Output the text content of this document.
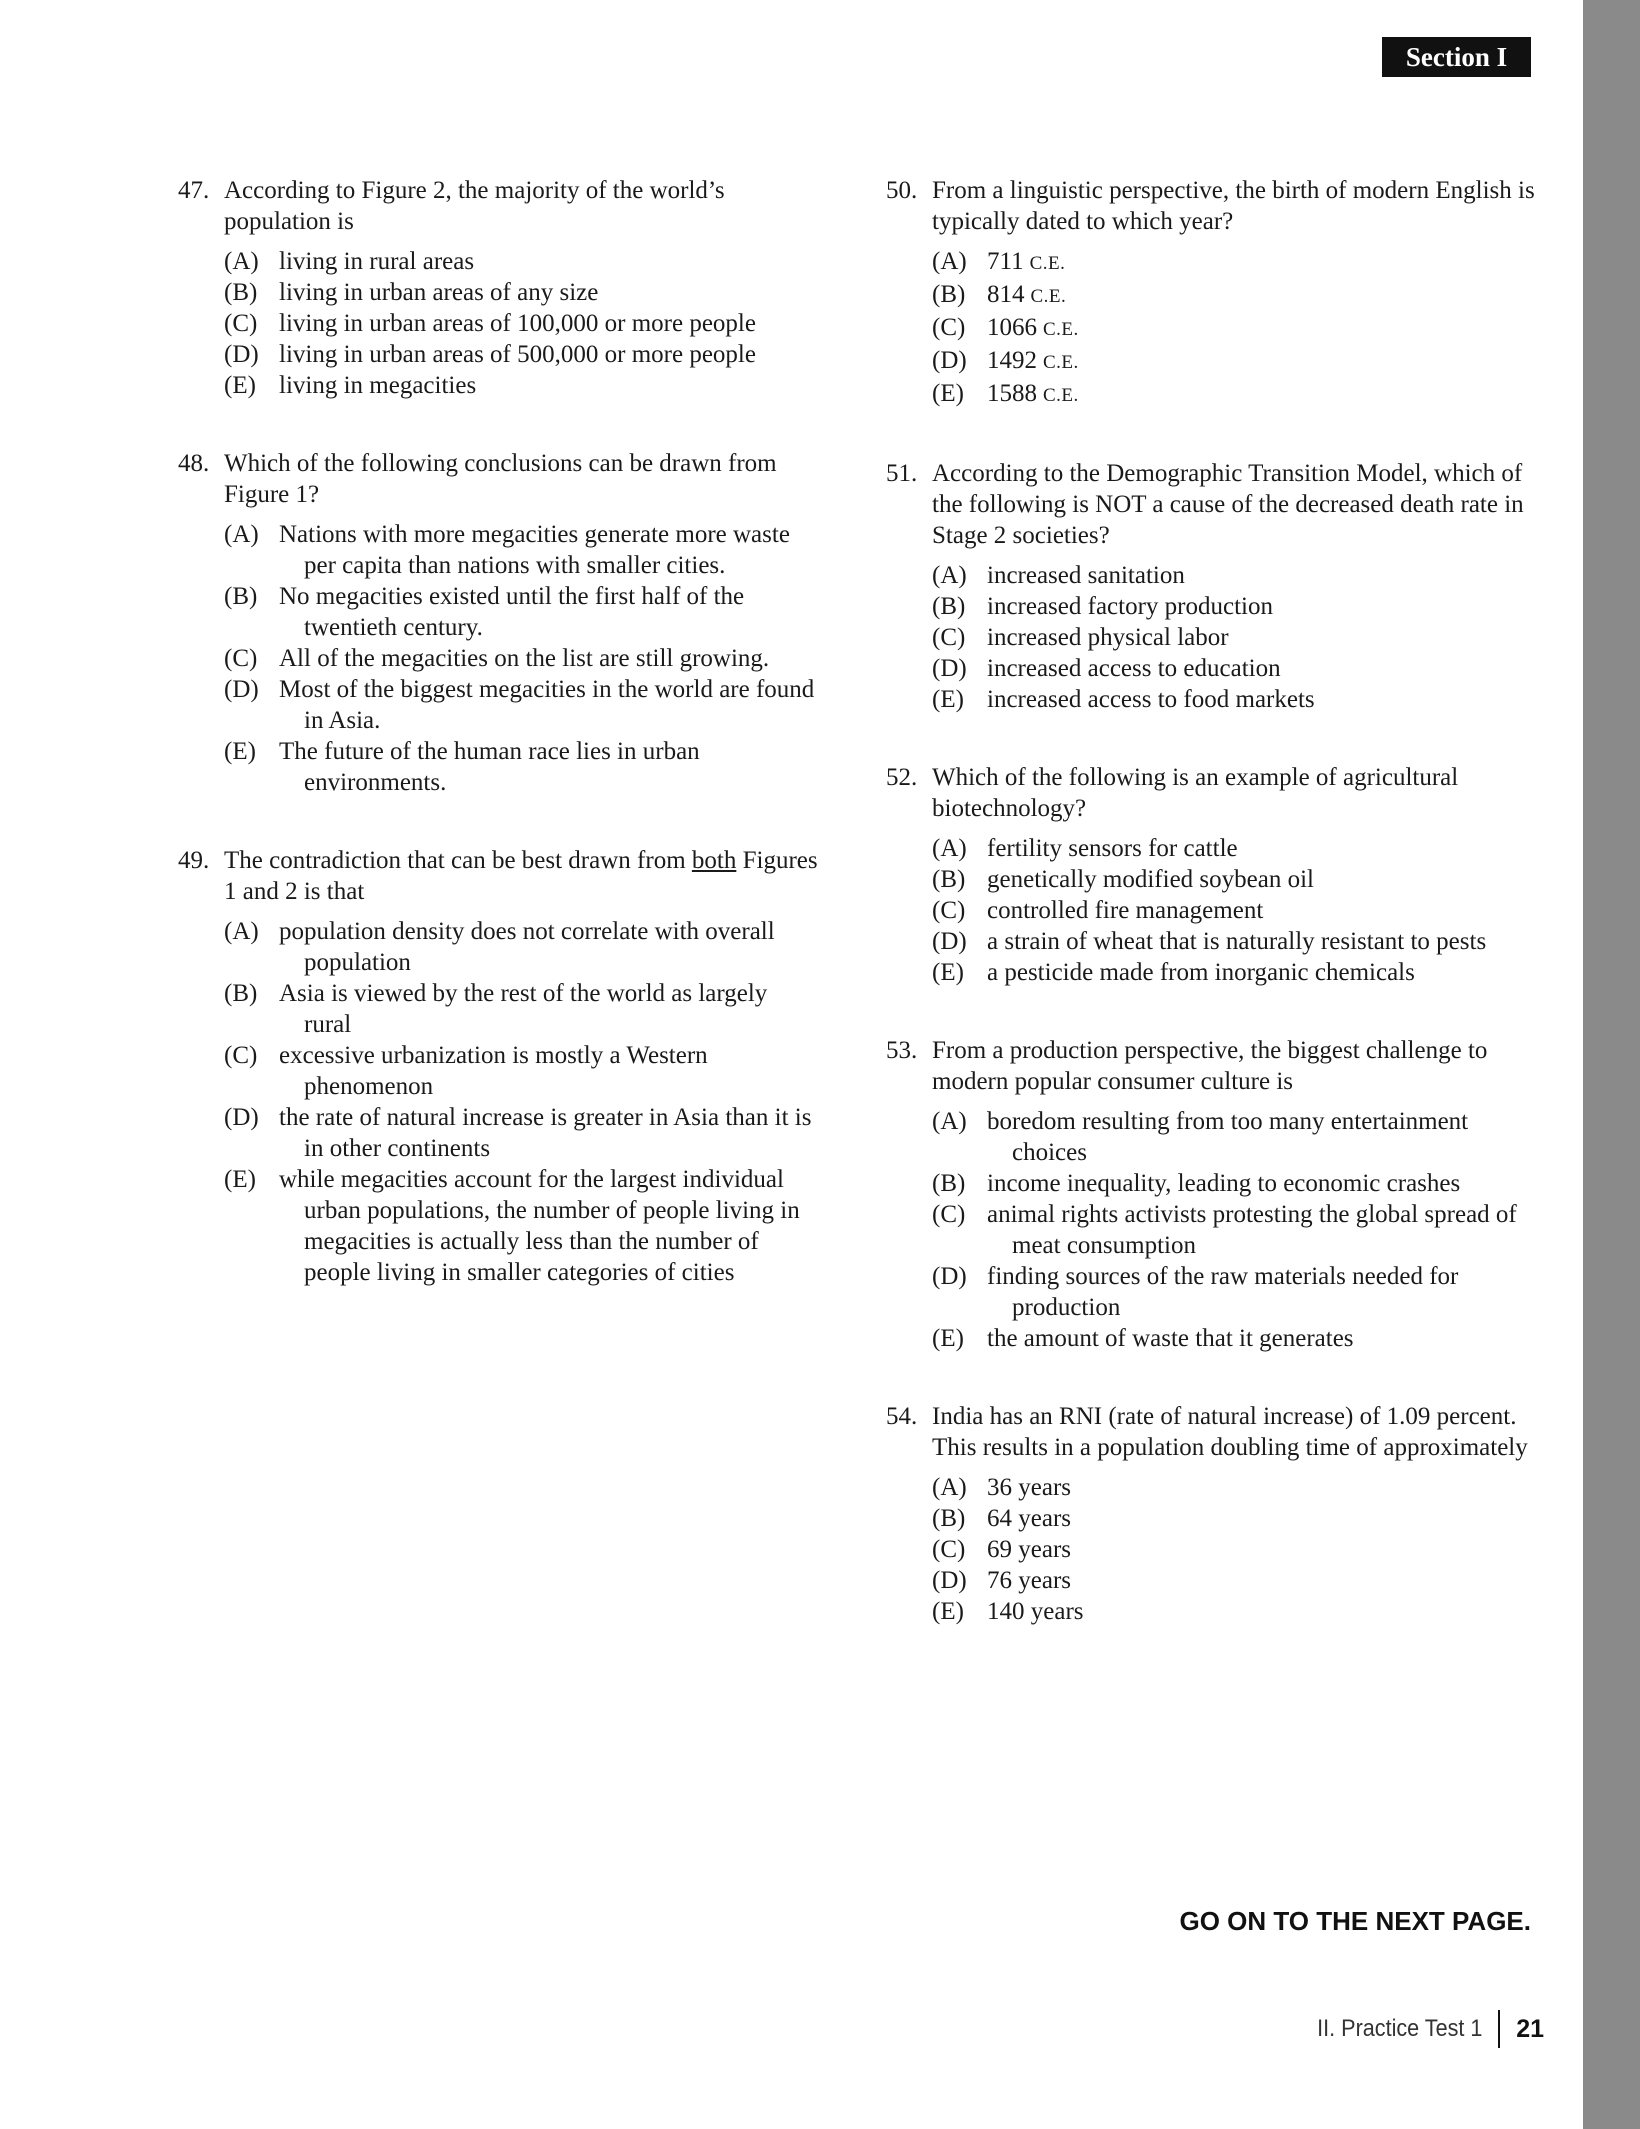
Section I
47. According to Figure 2, the majority of the world’s population is
(A) living in rural areas
(B) living in urban areas of any size
(C) living in urban areas of 100,000 or more people
(D) living in urban areas of 500,000 or more people
(E) living in megacities
48. Which of the following conclusions can be drawn from Figure 1?
(A) Nations with more megacities generate more waste per capita than nations with smaller cities.
(B) No megacities existed until the first half of the twentieth century.
(C) All of the megacities on the list are still growing.
(D) Most of the biggest megacities in the world are found in Asia.
(E) The future of the human race lies in urban environments.
49. The contradiction that can be best drawn from both Figures 1 and 2 is that
(A) population density does not correlate with overall population
(B) Asia is viewed by the rest of the world as largely rural
(C) excessive urbanization is mostly a Western phenomenon
(D) the rate of natural increase is greater in Asia than it is in other continents
(E) while megacities account for the largest individual urban populations, the number of people living in megacities is actually less than the number of people living in smaller categories of cities
50. From a linguistic perspective, the birth of modern English is typically dated to which year?
(A) 711 C.E.
(B) 814 C.E.
(C) 1066 C.E.
(D) 1492 C.E.
(E) 1588 C.E.
51. According to the Demographic Transition Model, which of the following is NOT a cause of the decreased death rate in Stage 2 societies?
(A) increased sanitation
(B) increased factory production
(C) increased physical labor
(D) increased access to education
(E) increased access to food markets
52. Which of the following is an example of agricultural biotechnology?
(A) fertility sensors for cattle
(B) genetically modified soybean oil
(C) controlled fire management
(D) a strain of wheat that is naturally resistant to pests
(E) a pesticide made from inorganic chemicals
53. From a production perspective, the biggest challenge to modern popular consumer culture is
(A) boredom resulting from too many entertainment choices
(B) income inequality, leading to economic crashes
(C) animal rights activists protesting the global spread of meat consumption
(D) finding sources of the raw materials needed for production
(E) the amount of waste that it generates
54. India has an RNI (rate of natural increase) of 1.09 percent. This results in a population doubling time of approximately
(A) 36 years
(B) 64 years
(C) 69 years
(D) 76 years
(E) 140 years
GO ON TO THE NEXT PAGE.
II. Practice Test 1	21
